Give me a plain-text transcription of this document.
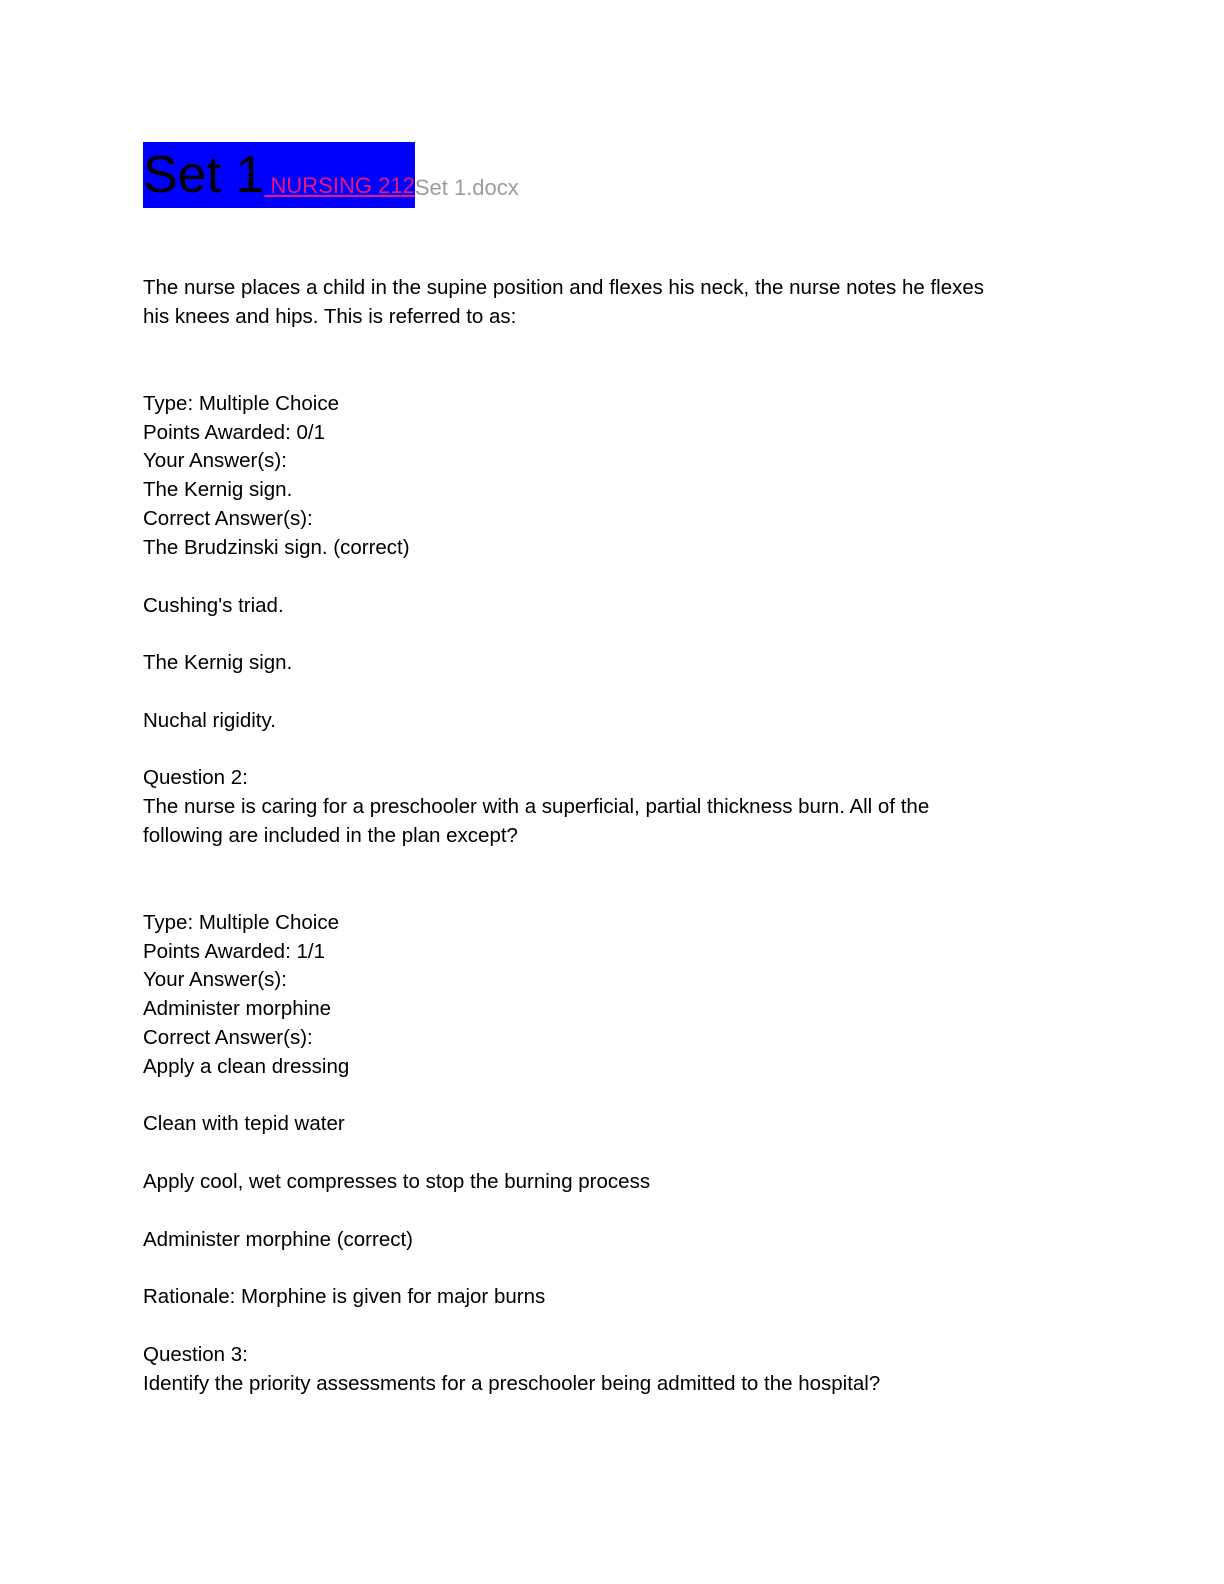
Set 1 NURSING 212Set 1.docx
The nurse places a child in the supine position and flexes his neck, the nurse notes he flexes
his knees and hips. This is referred to as:
Type: Multiple Choice
Points Awarded: 0/1
Your Answer(s):
The Kernig sign.
Correct Answer(s):
The Brudzinski sign. (correct)
Cushing's triad.
The Kernig sign.
Nuchal rigidity.
Question 2:
The nurse is caring for a preschooler with a superficial, partial thickness burn. All of the
following are included in the plan except?
Type: Multiple Choice
Points Awarded: 1/1
Your Answer(s):
Administer morphine
Correct Answer(s):
Apply a clean dressing
Clean with tepid water
Apply cool, wet compresses to stop the burning process
Administer morphine (correct)
Rationale: Morphine is given for major burns
Question 3:
Identify the priority assessments for a preschooler being admitted to the hospital?
